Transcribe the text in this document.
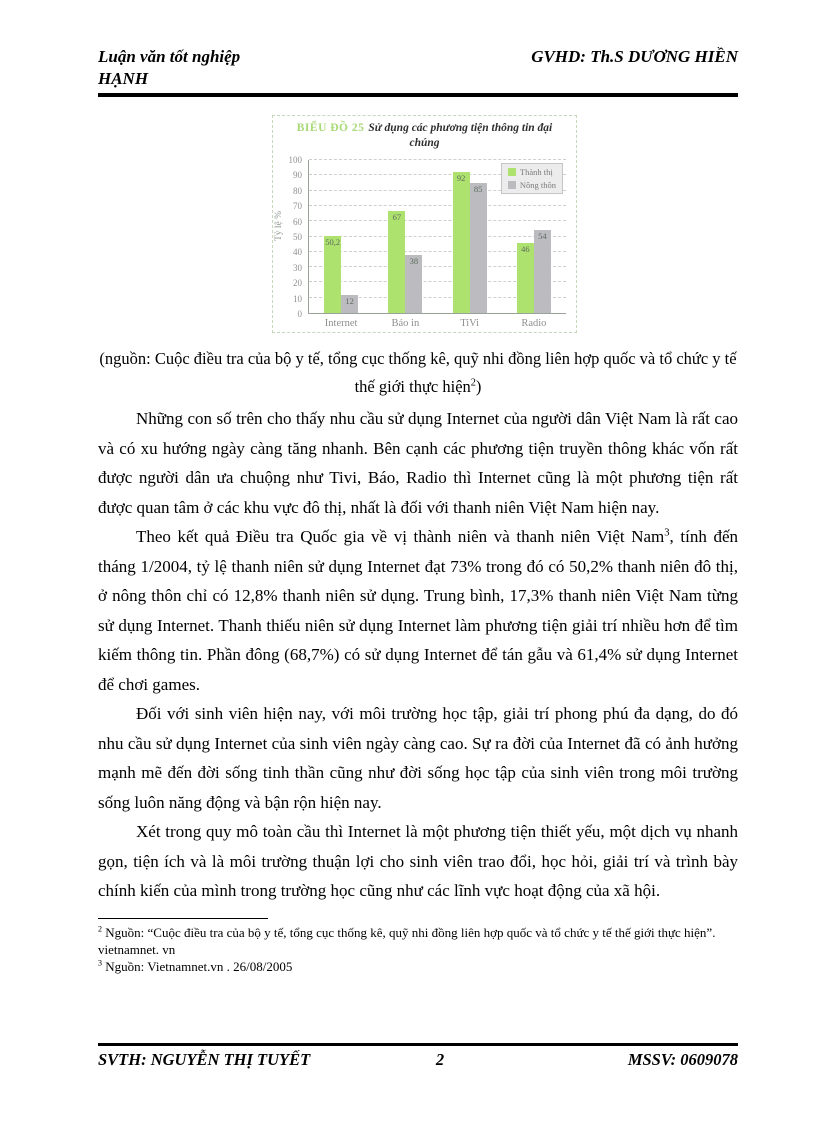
Luận văn tốt nghiệp	GVHD: Th.S DƯƠNG HIỀN
HẠNH
BIỂU ĐỒ 25 Sử dụng các phương tiện thông tin đại chúng
Tỷ lệ %
0
10
20
30
40
50
60
70
80
90
100
50,2
12
Internet
67
38
Báo in
92
85
TiVi
46
54
Radio
Thành thị
Nông thôn
(nguồn: Cuộc điều tra của bộ y tế, tổng cục thống kê, quỹ nhi đồng liên hợp quốc và tổ chức y tế thế giới thực hiện$^2$)

Những con số trên cho thấy nhu cầu sử dụng Internet của người dân Việt Nam là rất cao và có xu hướng ngày càng tăng nhanh. Bên cạnh các phương tiện truyền thông khác vốn rất được người dân ưa chuộng như Tivi, Báo, Radio thì Internet cũng là một phương tiện rất được quan tâm ở các khu vực đô thị, nhất là đối với thanh niên Việt Nam hiện nay.

Theo kết quả Điều tra Quốc gia về vị thành niên và thanh niên Việt Nam$^3$, tính đến tháng 1/2004, tỷ lệ thanh niên sử dụng Internet đạt 73% trong đó có 50,2% thanh niên đô thị, ở nông thôn chỉ có 12,8% thanh niên sử dụng. Trung bình, 17,3% thanh niên Việt Nam từng sử dụng Internet. Thanh thiếu niên sử dụng Internet làm phương tiện giải trí nhiều hơn để tìm kiếm thông tin. Phần đông (68,7%) có sử dụng Internet để tán gẫu và 61,4% sử dụng Internet để chơi games.

Đối với sinh viên hiện nay, với môi trường học tập, giải trí phong phú đa dạng, do đó nhu cầu sử dụng Internet của sinh viên ngày càng cao. Sự ra đời của Internet đã có ảnh hưởng mạnh mẽ đến đời sống tinh thần cũng như đời sống học tập của sinh viên trong môi trường sống luôn năng động và bận rộn hiện nay.

Xét trong quy mô toàn cầu thì Internet là một phương tiện thiết yếu, một dịch vụ nhanh gọn, tiện ích và là môi trường thuận lợi cho sinh viên trao đổi, học hỏi, giải trí và trình bày chính kiến của mình trong trường học cũng như các lĩnh vực hoạt động của xã hội.

$^2$ Nguồn: “Cuộc điều tra của bộ y tế, tổng cục thống kê, quỹ nhi đồng liên hợp quốc và tổ chức y tế thế giới thực hiện”. vietnamnet. vn
$^3$ Nguồn: Vietnamnet.vn . 26/08/2005
SVTH: NGUYỄN THỊ TUYẾT	2	MSSV: 0609078
